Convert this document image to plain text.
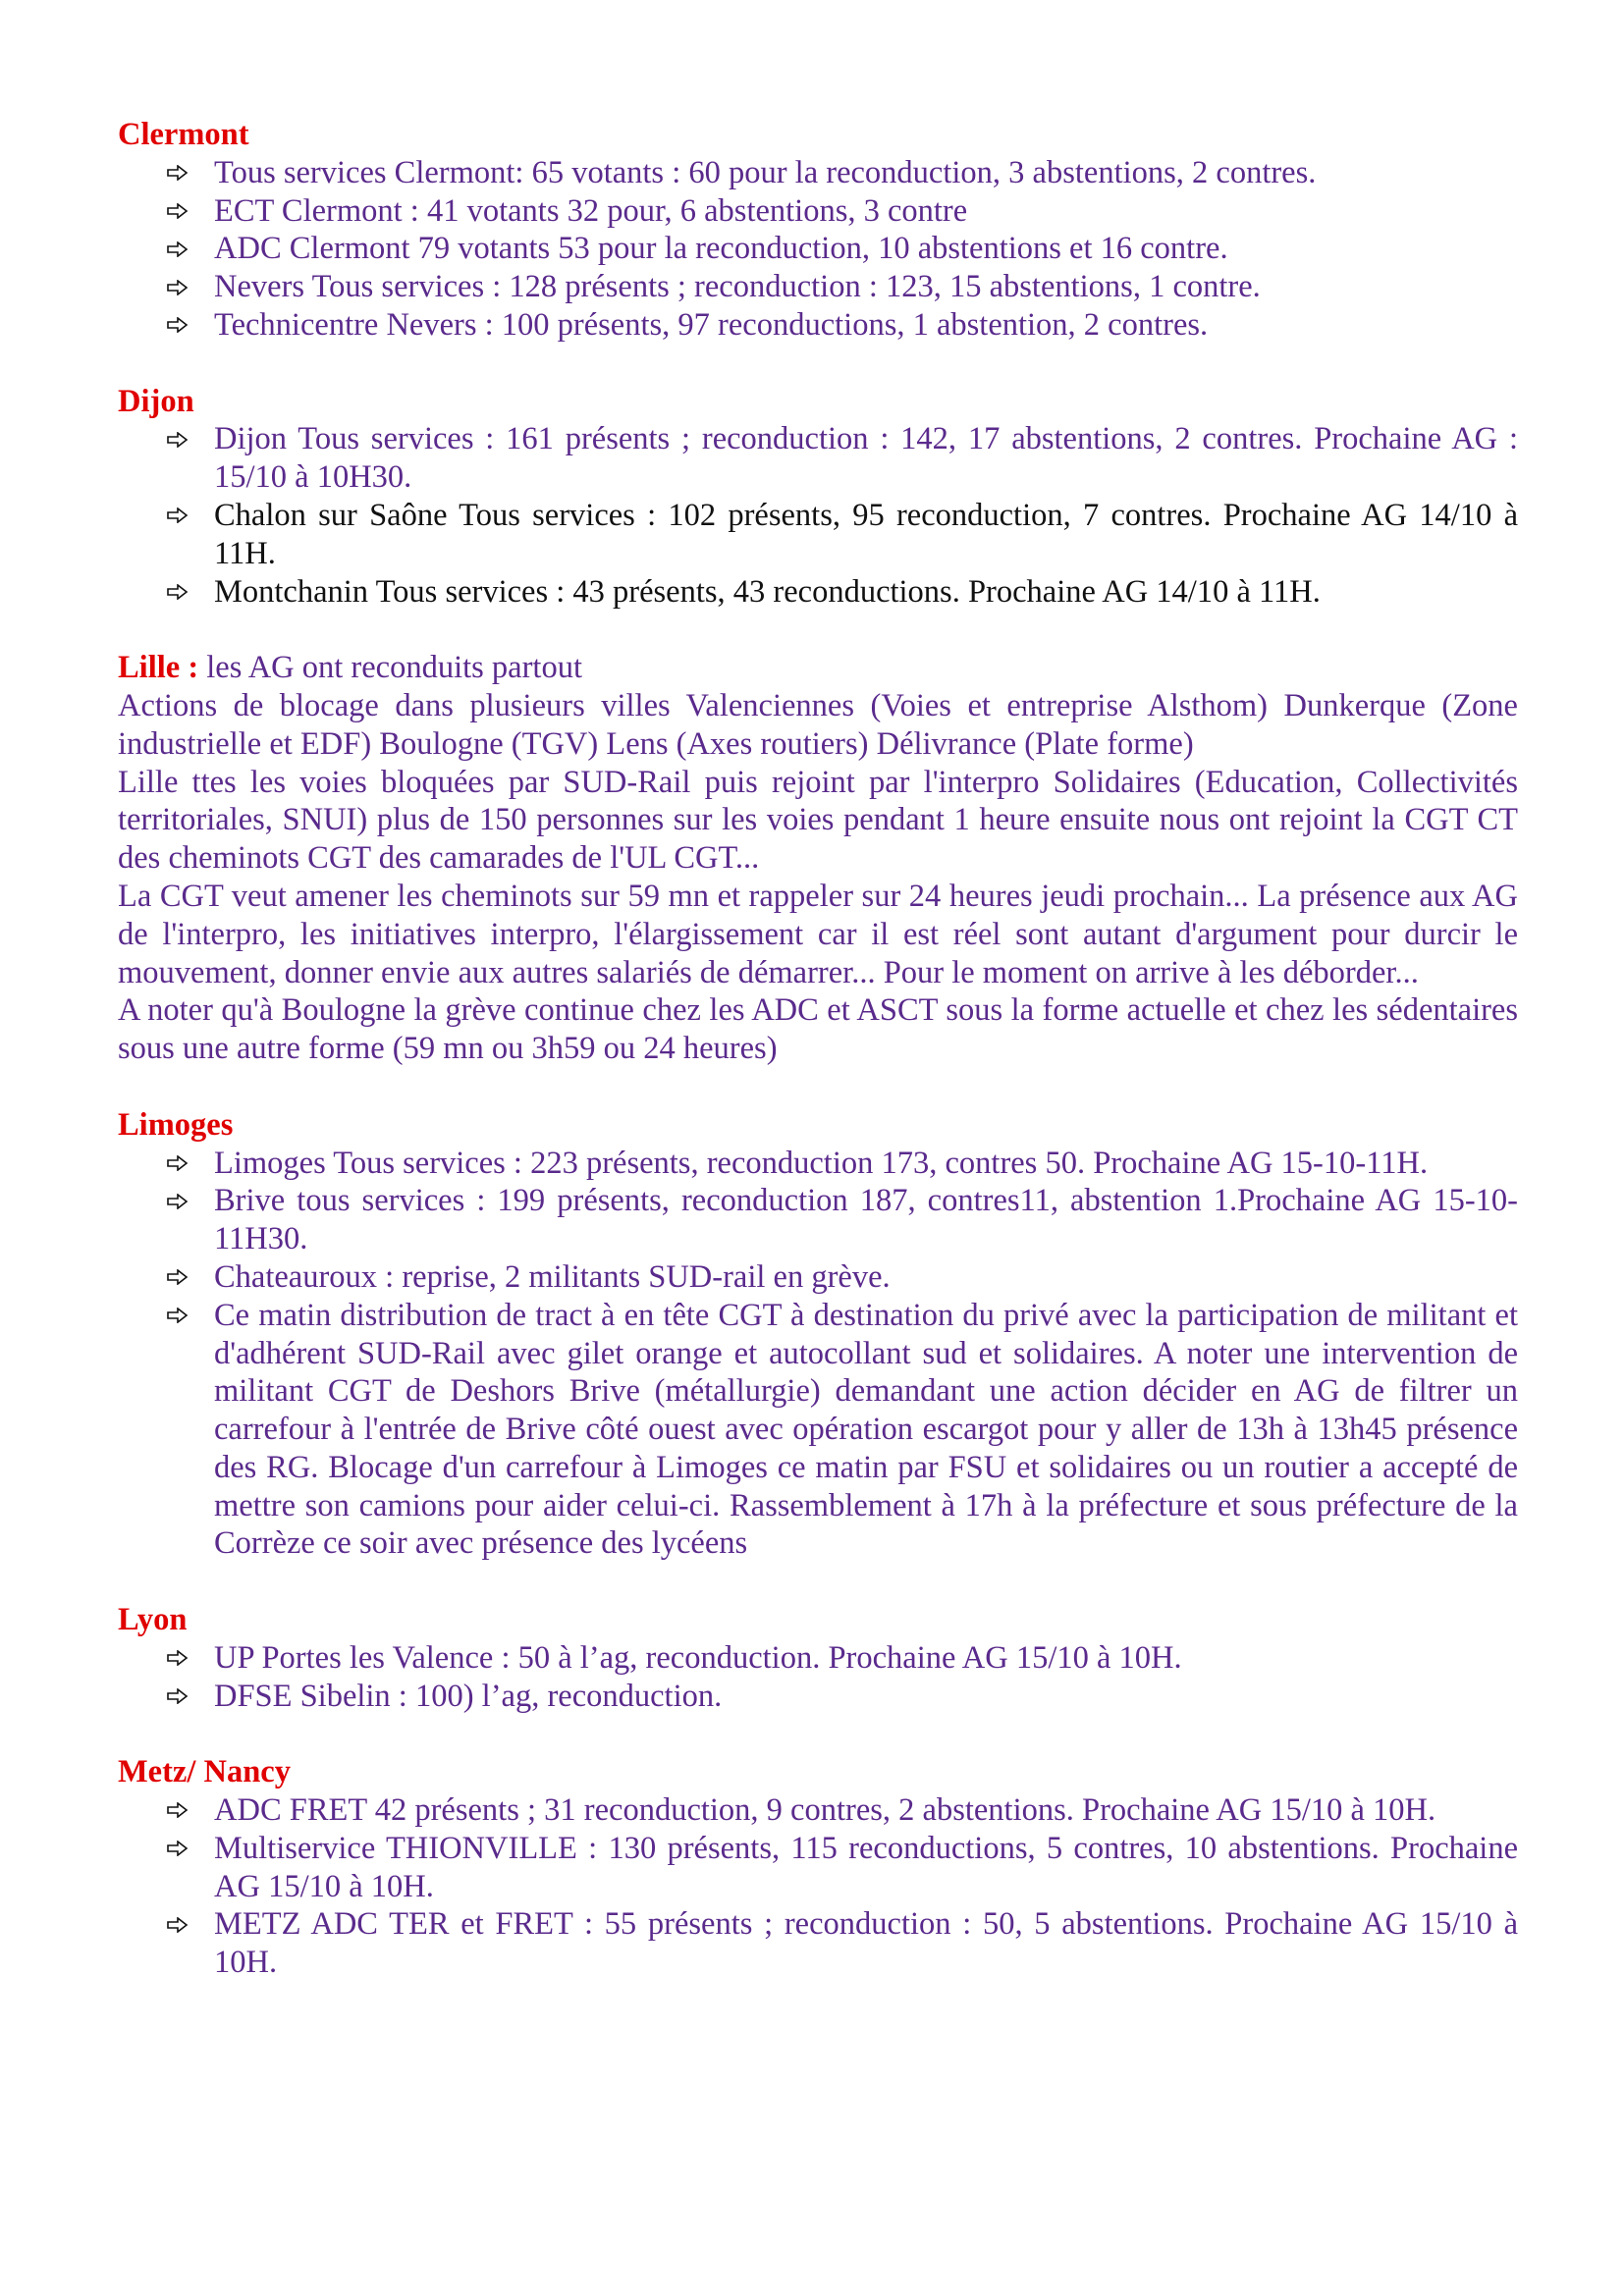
Clermont

Tous services Clermont: 65 votants : 60 pour la reconduction, 3 abstentions, 2 contres.
ECT Clermont : 41 votants 32 pour, 6 abstentions, 3 contre
ADC Clermont 79 votants 53 pour la reconduction, 10 abstentions et 16 contre.
Nevers Tous services : 128 présents ; reconduction : 123, 15 abstentions, 1 contre.
Technicentre Nevers : 100 présents, 97 reconductions, 1 abstention, 2 contres.

Dijon

Dijon Tous services : 161 présents ; reconduction : 142, 17 abstentions, 2 contres. Prochaine AG : 15/10 à 10H30.
Chalon sur Saône Tous services : 102 présents, 95 reconduction, 7 contres. Prochaine AG 14/10 à 11H.
Montchanin Tous services : 43 présents, 43 reconductions. Prochaine AG 14/10 à 11H.

Lille : les AG ont reconduits partout

Actions de blocage dans plusieurs villes Valenciennes (Voies et entreprise Alsthom) Dunkerque (Zone industrielle et EDF) Boulogne (TGV) Lens (Axes routiers) Délivrance (Plate forme)

Lille ttes les voies bloquées par SUD-Rail puis rejoint par l'interpro Solidaires (Education, Collectivités territoriales, SNUI) plus de 150 personnes sur les voies pendant 1 heure ensuite nous ont rejoint la CGT CT des cheminots CGT des camarades de l'UL CGT...

La CGT veut amener les cheminots sur 59 mn et rappeler sur 24 heures jeudi prochain... La présence aux AG de l'interpro, les initiatives interpro, l'élargissement car il est réel sont autant d'argument pour durcir le mouvement, donner envie aux autres salariés de démarrer... Pour le moment on arrive à les déborder...

A noter qu'à Boulogne la grève continue chez les ADC et ASCT sous la forme actuelle et chez les sédentaires sous une autre forme (59 mn ou 3h59 ou 24 heures)

Limoges

Limoges Tous services : 223 présents, reconduction 173, contres 50. Prochaine AG 15-10-11H.
Brive tous services : 199 présents, reconduction 187, contres11, abstention 1.Prochaine AG 15-10-11H30.
Chateauroux : reprise, 2 militants SUD-rail en grève.
Ce matin distribution de tract à en tête CGT à destination du privé avec la participation de militant et d'adhérent SUD-Rail avec gilet orange et autocollant sud et solidaires. A noter une intervention de militant CGT de Deshors Brive (métallurgie) demandant une action décider en AG de filtrer un carrefour à l'entrée de Brive côté ouest avec opération escargot pour y aller de 13h à 13h45 présence des RG. Blocage d'un carrefour à Limoges ce matin par FSU et solidaires ou un routier a accepté de mettre son camions pour aider celui-ci. Rassemblement à 17h à la préfecture et sous préfecture de la Corrèze ce soir avec présence des lycéens

Lyon

UP Portes les Valence : 50 à l’ag, reconduction. Prochaine AG 15/10 à 10H.
DFSE Sibelin : 100) l’ag, reconduction.

Metz/ Nancy

ADC FRET 42 présents ; 31 reconduction, 9 contres, 2 abstentions. Prochaine AG 15/10 à 10H.
Multiservice THIONVILLE : 130 présents, 115 reconductions, 5 contres, 10 abstentions. Prochaine AG 15/10 à 10H.
METZ ADC TER et FRET : 55 présents ; reconduction : 50, 5 abstentions. Prochaine AG 15/10 à 10H.
